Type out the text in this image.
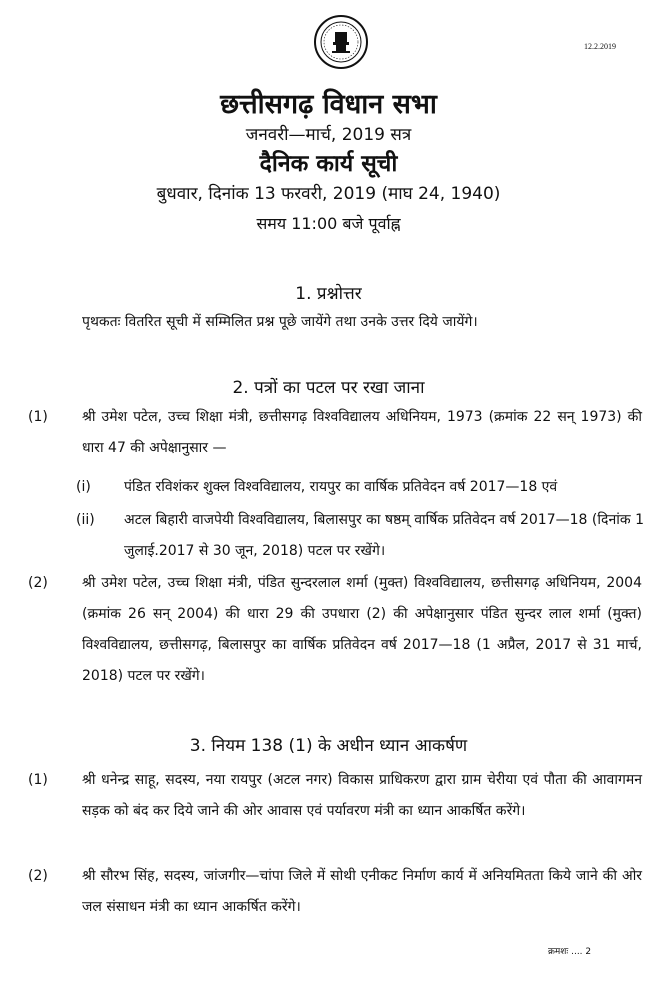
12.2.2019
छत्तीसगढ़ विधान सभा
जनवरी—मार्च, 2019 सत्र
दैनिक कार्य सूची
बुधवार, दिनांक 13 फरवरी, 2019 (माघ 24, 1940)
समय 11:00 बजे पूर्वाह्न
1. प्रश्नोत्तर
पृथकतः वितरित सूची में सम्मिलित प्रश्न पूछे जायेंगे तथा उनके उत्तर दिये जायेंगे।
2. पत्रों का पटल पर रखा जाना
(1) श्री उमेश पटेल, उच्च शिक्षा मंत्री, छत्तीसगढ़ विश्वविद्यालय अधिनियम, 1973 (क्रमांक 22 सन् 1973) की धारा 47 की अपेक्षानुसार —
(i) पंडित रविशंकर शुक्ल विश्वविद्यालय, रायपुर का वार्षिक प्रतिवेदन वर्ष 2017—18 एवं
(ii) अटल बिहारी वाजपेयी विश्वविद्यालय, बिलासपुर का षष्ठम् वार्षिक प्रतिवेदन वर्ष 2017—18 (दिनांक 1 जुलाई.2017 से 30 जून, 2018) पटल पर रखेंगे।
(2) श्री उमेश पटेल, उच्च शिक्षा मंत्री, पंडित सुन्दरलाल शर्मा (मुक्त) विश्वविद्यालय, छत्तीसगढ़ अधिनियम, 2004 (क्रमांक 26 सन् 2004) की धारा 29 की उपधारा (2) की अपेक्षानुसार पंडित सुन्दर लाल शर्मा (मुक्त) विश्वविद्यालय, छत्तीसगढ़, बिलासपुर का वार्षिक प्रतिवेदन वर्ष 2017—18 (1 अप्रैल, 2017 से 31 मार्च, 2018) पटल पर रखेंगे।
3. नियम 138 (1) के अधीन ध्यान आकर्षण
(1) श्री धनेन्द्र साहू, सदस्य, नया रायपुर (अटल नगर) विकास प्राधिकरण द्वारा ग्राम चेरीया एवं पौता की आवागमन सड़क को बंद कर दिये जाने की ओर आवास एवं पर्यावरण मंत्री का ध्यान आकर्षित करेंगे।
(2) श्री सौरभ सिंह, सदस्य, जांजगीर—चांपा जिले में सोथी एनीकट निर्माण कार्य में अनियमितता किये जाने की ओर जल संसाधन मंत्री का ध्यान आकर्षित करेंगे।
क्रमशः .... 2
